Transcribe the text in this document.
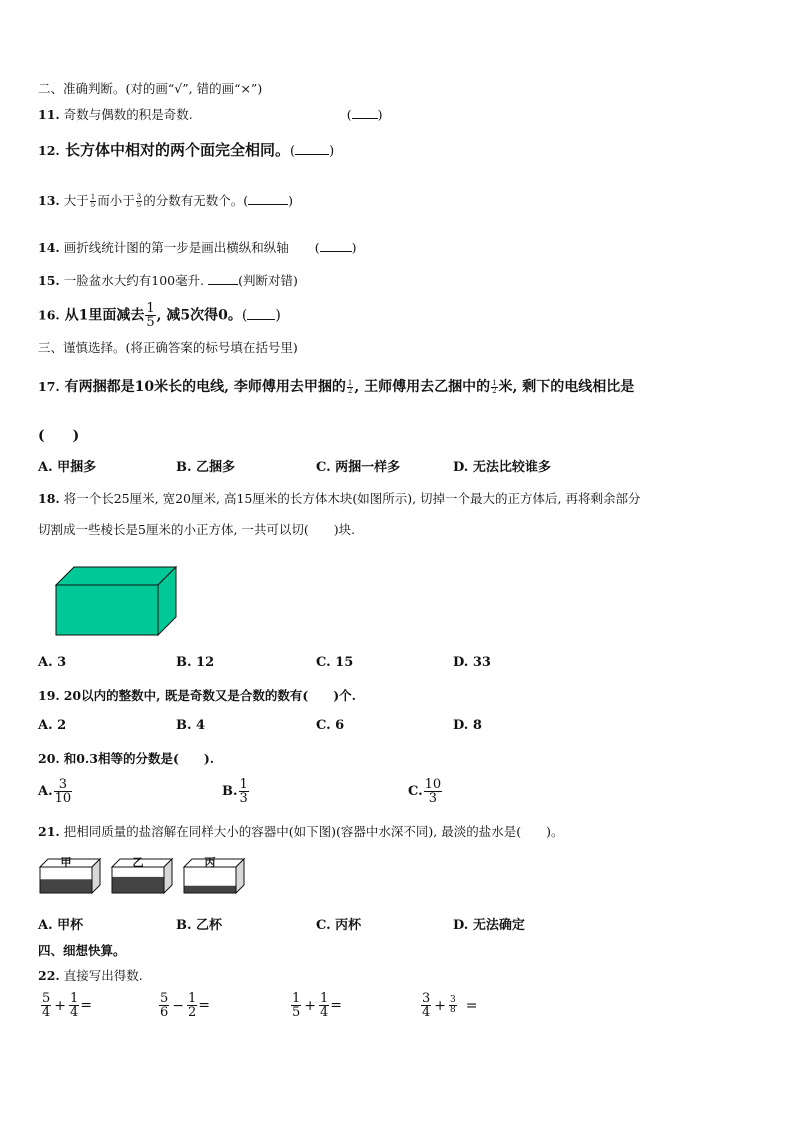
二、准确判断。(对的画“√”, 错的画“×”)
11. 奇数与偶数的积是奇数.	( )
12. 长方体中相对的两个面完全相同。(	)
13. 大于 $\frac{1}{5}$ 而小于 $\frac{3}{5}$ 的分数有无数个。(	)
14. 画折线统计图的第一步是画出横纵和纵轴 (	)
15. 一脸盆水大约有100毫升.	(判断对错)
16. 从1里面减去 $\frac{1}{5}$ , 减5次得0。( )
三、谨慎选择。(将正确答案的标号填在括号里)
17. 有两捆都是10米长的电线, 李师傅用去甲捆的 $\frac{1}{2}$ , 王师傅用去乙捆中的 $\frac{1}{2}$ 米, 剩下的电线相比是
(　　)
A. 甲捆多	B. 乙捆多	C. 两捆一样多	D. 无法比较谁多
18. 将一个长25厘米, 宽20厘米, 高15厘米的长方体木块(如图所示), 切掉一个最大的正方体后, 再将剩余部分
切割成一些棱长是5厘米的小正方体, 一共可以切(　　)块.
A. 3	B. 12	C. 15	D. 33
19. 20以内的整数中, 既是奇数又是合数的数有(　　)个.
A. 2	B. 4	C. 6	D. 8
20. 和0.3相等的分数是(　　).
A. $\frac{3}{10}$	B. $\frac{1}{3}$	C. $\frac{10}{3}$
21. 把相同质量的盐溶解在同样大小的容器中(如下图)(容器中水深不同), 最淡的盐水是(　　)。
甲	乙	丙
A. 甲杯	B. 乙杯	C. 丙杯	D. 无法确定
四、细想快算。
22. 直接写出得数.
$\frac{5}{4} + \frac{1}{4}$ =	$\frac{5}{6} - \frac{1}{2}$ =	$\frac{1}{5} + \frac{1}{4}$ =	$\frac{3}{4} + \frac{3}{8}$ =
